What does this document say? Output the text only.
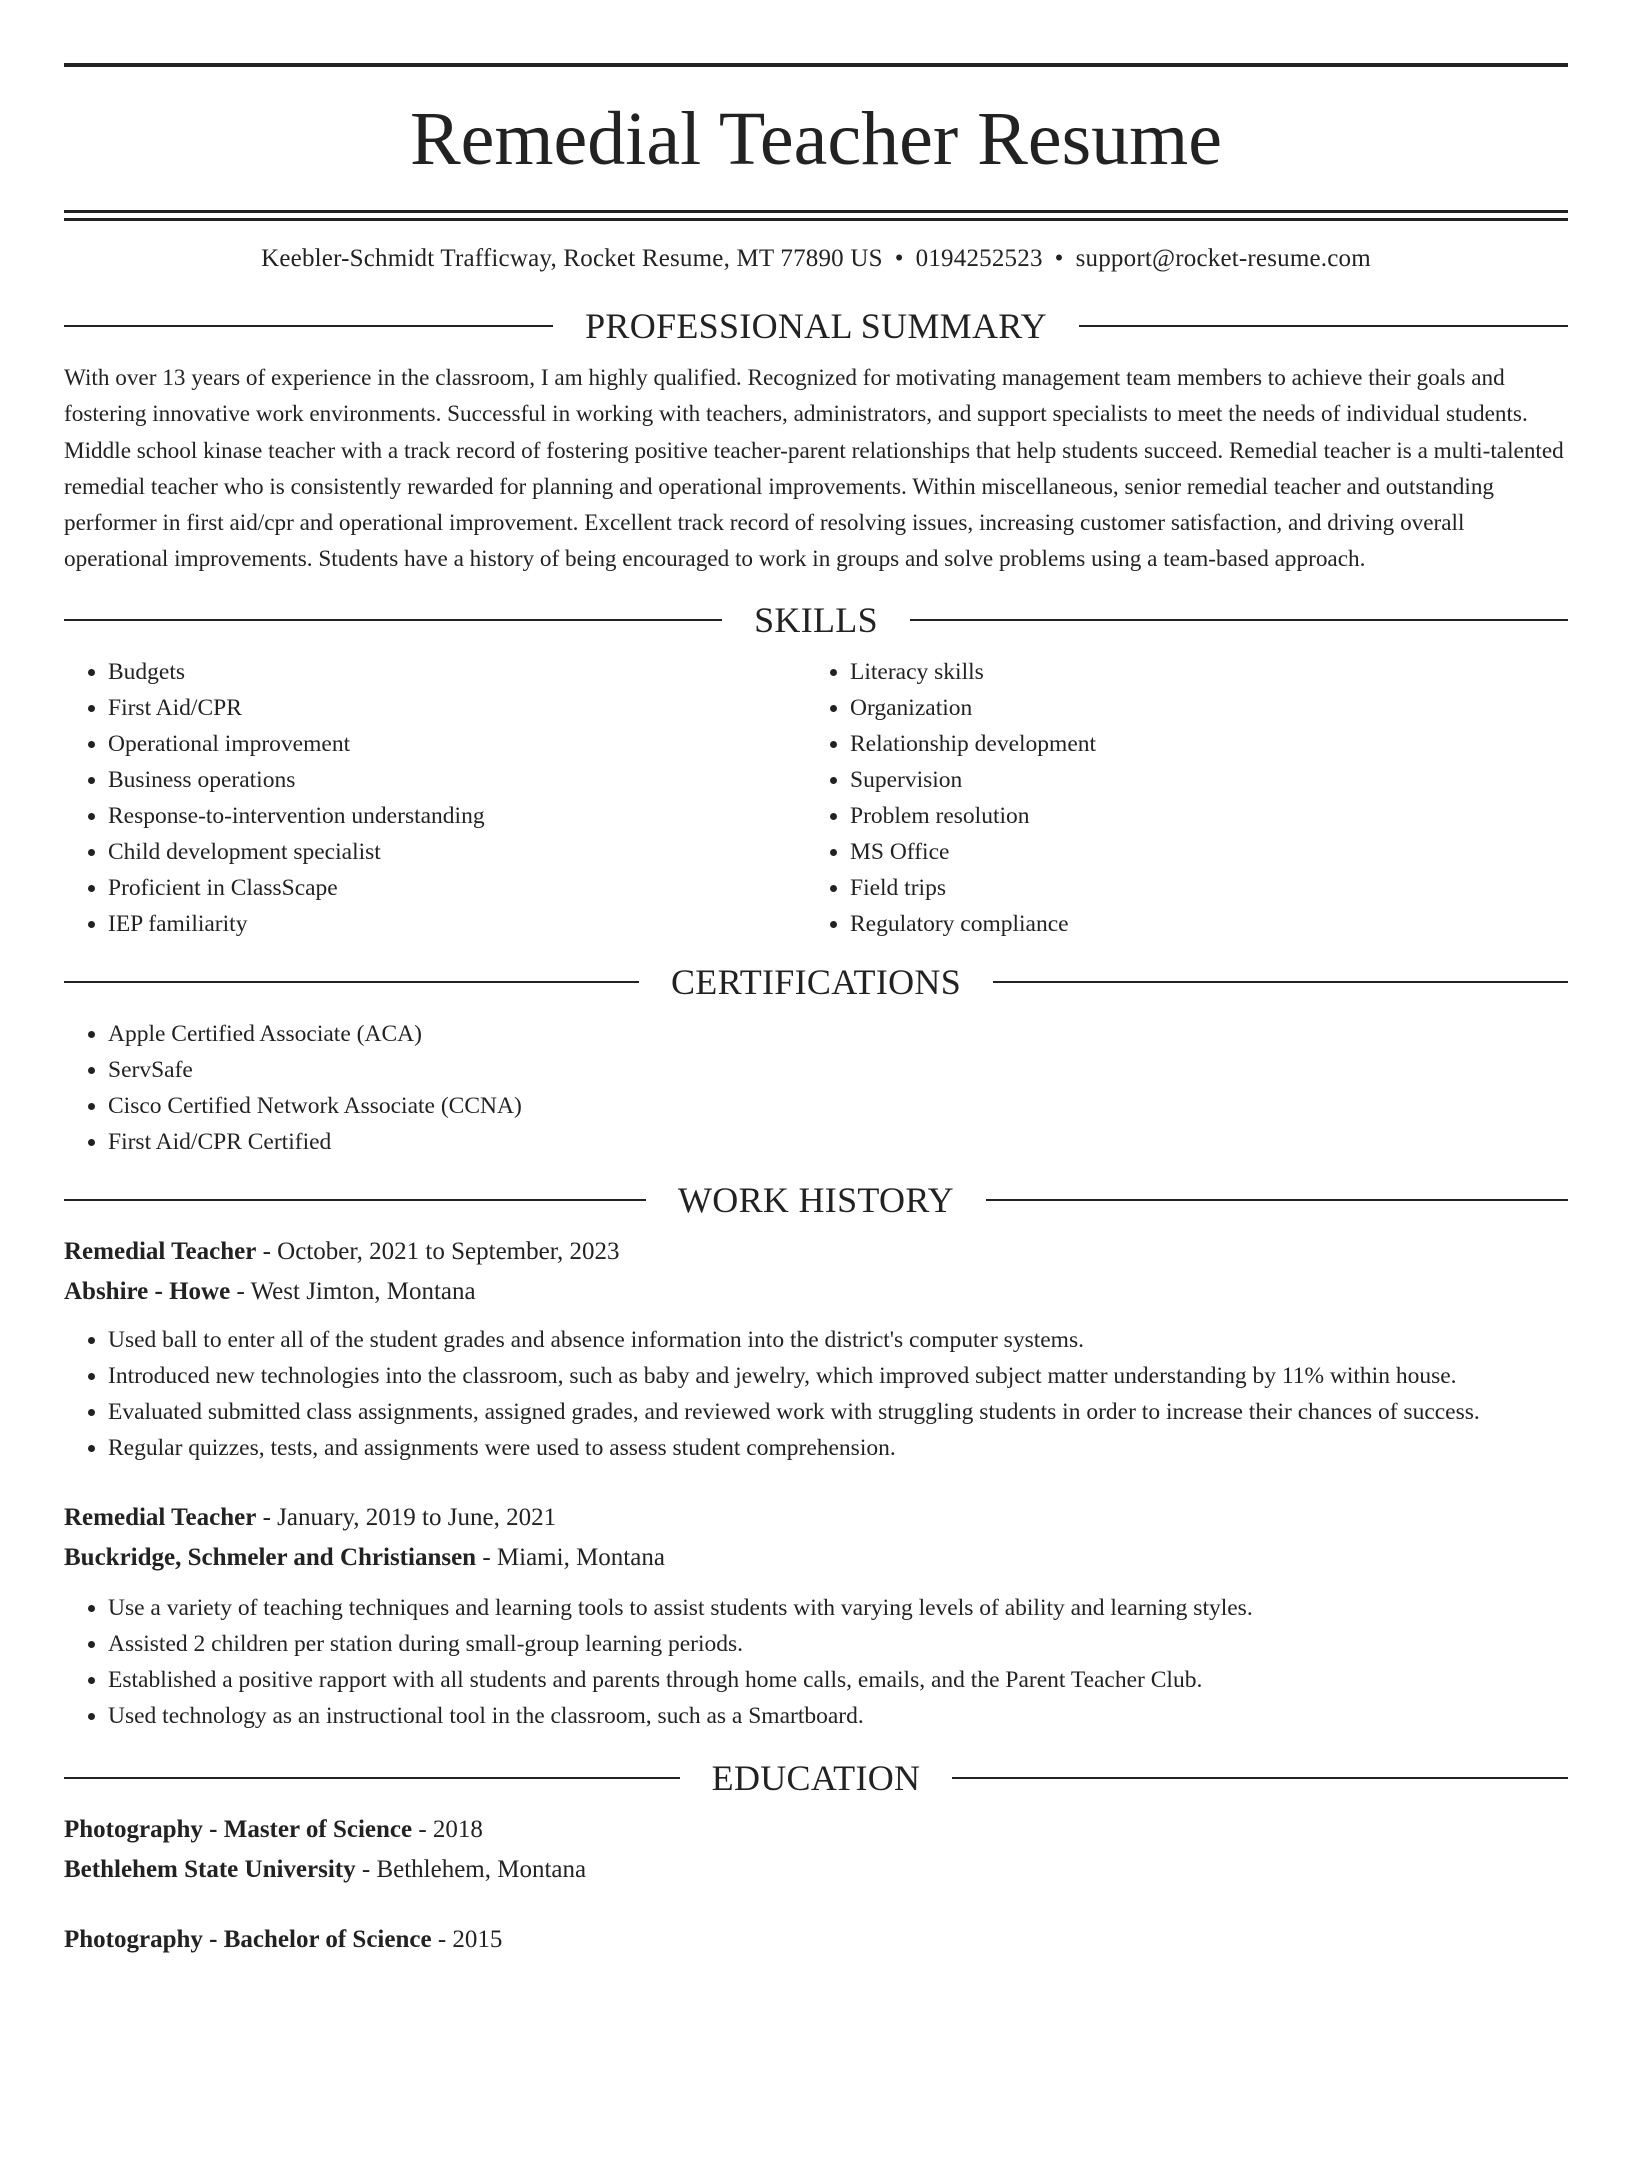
Remedial Teacher Resume
Keebler-Schmidt Trafficway, Rocket Resume, MT 77890 US • 0194252523 • support@rocket-resume.com
PROFESSIONAL SUMMARY

With over 13 years of experience in the classroom, I am highly qualified. Recognized for motivating management team members to achieve their goals and fostering innovative work environments. Successful in working with teachers, administrators, and support specialists to meet the needs of individual students. Middle school kinase teacher with a track record of fostering positive teacher-parent relationships that help students succeed. Remedial teacher is a multi-talented remedial teacher who is consistently rewarded for planning and operational improvements. Within miscellaneous, senior remedial teacher and outstanding performer in first aid/cpr and operational improvement. Excellent track record of resolving issues, increasing customer satisfaction, and driving overall operational improvements. Students have a history of being encouraged to work in groups and solve problems using a team-based approach.

SKILLS
• Budgets
• First Aid/CPR
• Operational improvement
• Business operations
• Response-to-intervention understanding
• Child development specialist
• Proficient in ClassScape
• IEP familiarity
• Literacy skills
• Organization
• Relationship development
• Supervision
• Problem resolution
• MS Office
• Field trips
• Regulatory compliance
CERTIFICATIONS
• Apple Certified Associate (ACA)
• ServSafe
• Cisco Certified Network Associate (CCNA)
• First Aid/CPR Certified
WORK HISTORY
Remedial Teacher - October, 2021 to September, 2023
Abshire - Howe - West Jimton, Montana
• Used ball to enter all of the student grades and absence information into the district's computer systems.
• Introduced new technologies into the classroom, such as baby and jewelry, which improved subject matter understanding by 11% within house.
• Evaluated submitted class assignments, assigned grades, and reviewed work with struggling students in order to increase their chances of success.
• Regular quizzes, tests, and assignments were used to assess student comprehension.
Remedial Teacher - January, 2019 to June, 2021
Buckridge, Schmeler and Christiansen - Miami, Montana
• Use a variety of teaching techniques and learning tools to assist students with varying levels of ability and learning styles.
• Assisted 2 children per station during small-group learning periods.
• Established a positive rapport with all students and parents through home calls, emails, and the Parent Teacher Club.
• Used technology as an instructional tool in the classroom, such as a Smartboard.
EDUCATION
Photography - Master of Science - 2018
Bethlehem State University - Bethlehem, Montana
Photography - Bachelor of Science - 2015
